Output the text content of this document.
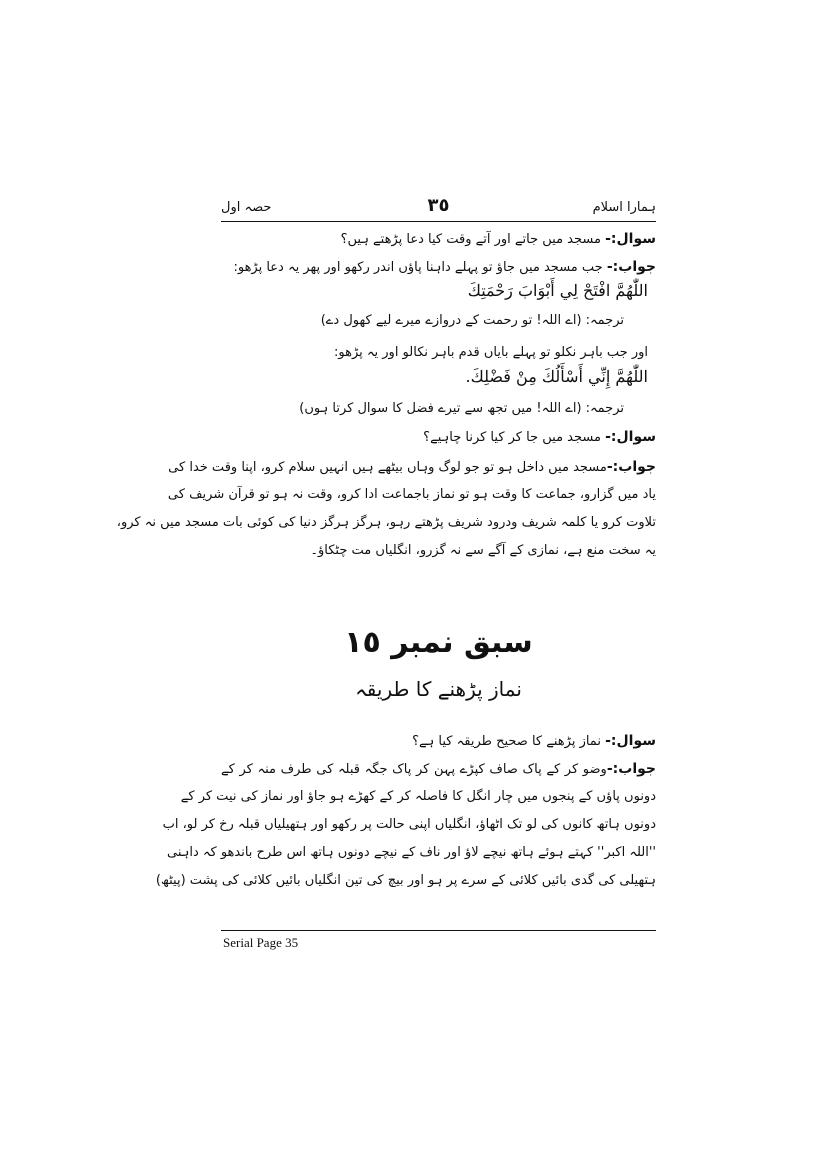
ہمارا اسلام
٣٥
حصہ اول
سوال:- مسجد میں جاتے اور آتے وقت کیا دعا پڑھتے ہیں؟
جواب:- جب مسجد میں جاؤ تو پہلے داہنا پاؤں اندر رکھو اور پھر یہ دعا پڑھو:
اللّٰهُمَّ افْتَحْ لِي أَبْوَابَ رَحْمَتِكَ
ترجمہ: (اے اللہ! تو رحمت کے دروازے میرے لیے کھول دے)
اور جب باہر نکلو تو پہلے بایاں قدم باہر نکالو اور یہ پڑھو:
اللّٰهُمَّ إِنِّي أَسْأَلُكَ مِنْ فَضْلِكَ.
ترجمہ: (اے اللہ! میں تجھ سے تیرے فضل کا سوال کرتا ہوں)
سوال:- مسجد میں جا کر کیا کرنا چاہیے؟
جواب:-مسجد میں داخل ہو تو جو لوگ وہاں بیٹھے ہیں انہیں سلام کرو، اپنا وقت خدا کی
یاد میں گزارو، جماعت کا وقت ہو تو نماز باجماعت ادا کرو، وقت نہ ہو تو قرآن شریف کی
تلاوت کرو یا کلمہ شریف ودرود شریف پڑھتے رہو، ہرگز ہرگز دنیا کی کوئی بات مسجد میں نہ کرو،
یہ سخت منع ہے، نمازی کے آگے سے نہ گزرو، انگلیاں مت چٹکاؤ۔
سبق نمبر ١٥
نماز پڑھنے کا طریقہ
سوال:- نماز پڑھنے کا صحیح طریقہ کیا ہے؟
جواب:-وضو کر کے پاک صاف کپڑے پہن کر پاک جگہ قبلہ کی طرف منہ کر کے
دونوں پاؤں کے پنجوں میں چار انگل کا فاصلہ کر کے کھڑے ہو جاؤ اور نماز کی نیت کر کے
دونوں ہاتھ کانوں کی لو تک اٹھاؤ، انگلیاں اپنی حالت پر رکھو اور ہتھیلیاں قبلہ رخ کر لو، اب
''اللہ اکبر'' کہتے ہوئے ہاتھ نیچے لاؤ اور ناف کے نیچے دونوں ہاتھ اس طرح باندھو کہ داہنی
ہتھیلی کی گدی بائیں کلائی کے سرے پر ہو اور بیچ کی تین انگلیاں بائیں کلائی کی پشت (پیٹھ)
Serial Page 35
